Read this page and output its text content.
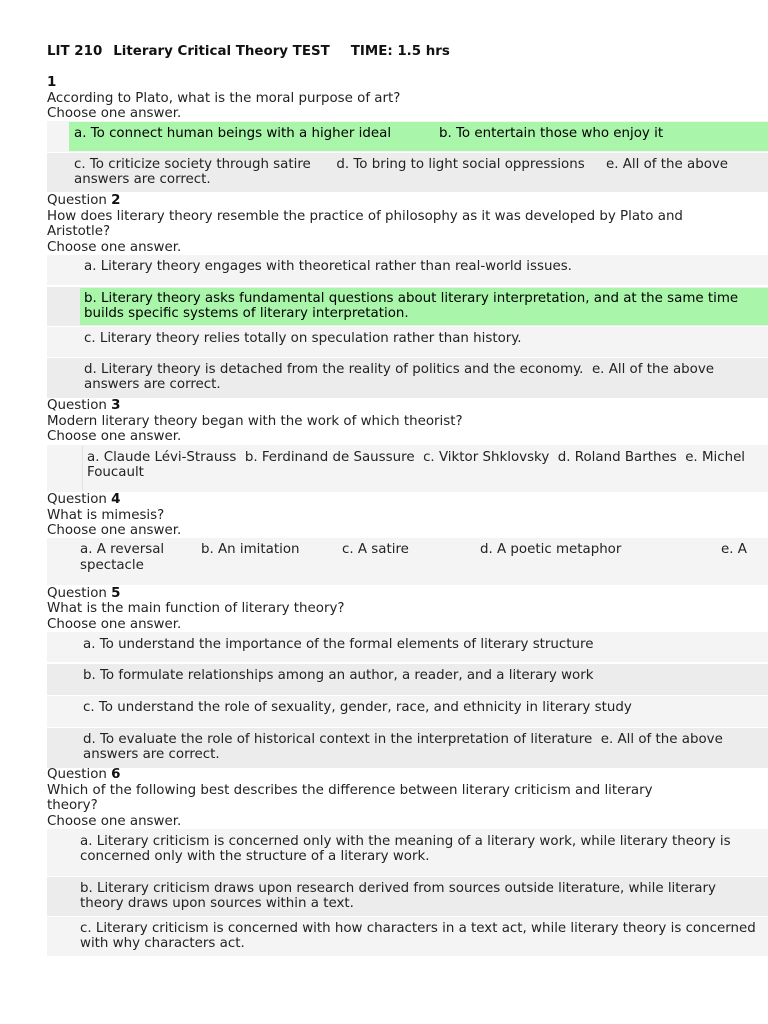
LIT 210 Literary Critical Theory TEST TIME: 1.5 hrs
1
According to Plato, what is the moral purpose of art?
Choose one answer.
a. To connect human beings with a higher ideal	b. To entertain those who enjoy it
c. To criticize society through satire      d. To bring to light social oppressions     e. All of the above
answers are correct.
Question 2
How does literary theory resemble the practice of philosophy as it was developed by Plato and
Aristotle?
Choose one answer.
a. Literary theory engages with theoretical rather than real-world issues.
b. Literary theory asks fundamental questions about literary interpretation, and at the same time
builds specific systems of literary interpretation.
c. Literary theory relies totally on speculation rather than history.
d. Literary theory is detached from the reality of politics and the economy.  e. All of the above
answers are correct.
Question 3
Modern literary theory began with the work of which theorist?
Choose one answer.
a. Claude Lévi-Strauss  b. Ferdinand de Saussure  c. Viktor Shklovsky  d. Roland Barthes  e. Michel
Foucault
Question 4
What is mimesis?
Choose one answer.
a. A reversal	b. An imitation	c. A satire	d. A poetic metaphor	e. A
spectacle
Question 5
What is the main function of literary theory?
Choose one answer.
a. To understand the importance of the formal elements of literary structure
b. To formulate relationships among an author, a reader, and a literary work
c. To understand the role of sexuality, gender, race, and ethnicity in literary study
d. To evaluate the role of historical context in the interpretation of literature  e. All of the above
answers are correct.
Question 6
Which of the following best describes the difference between literary criticism and literary
theory?
Choose one answer.
a. Literary criticism is concerned only with the meaning of a literary work, while literary theory is
concerned only with the structure of a literary work.
b. Literary criticism draws upon research derived from sources outside literature, while literary
theory draws upon sources within a text.
c. Literary criticism is concerned with how characters in a text act, while literary theory is concerned
with why characters act.
